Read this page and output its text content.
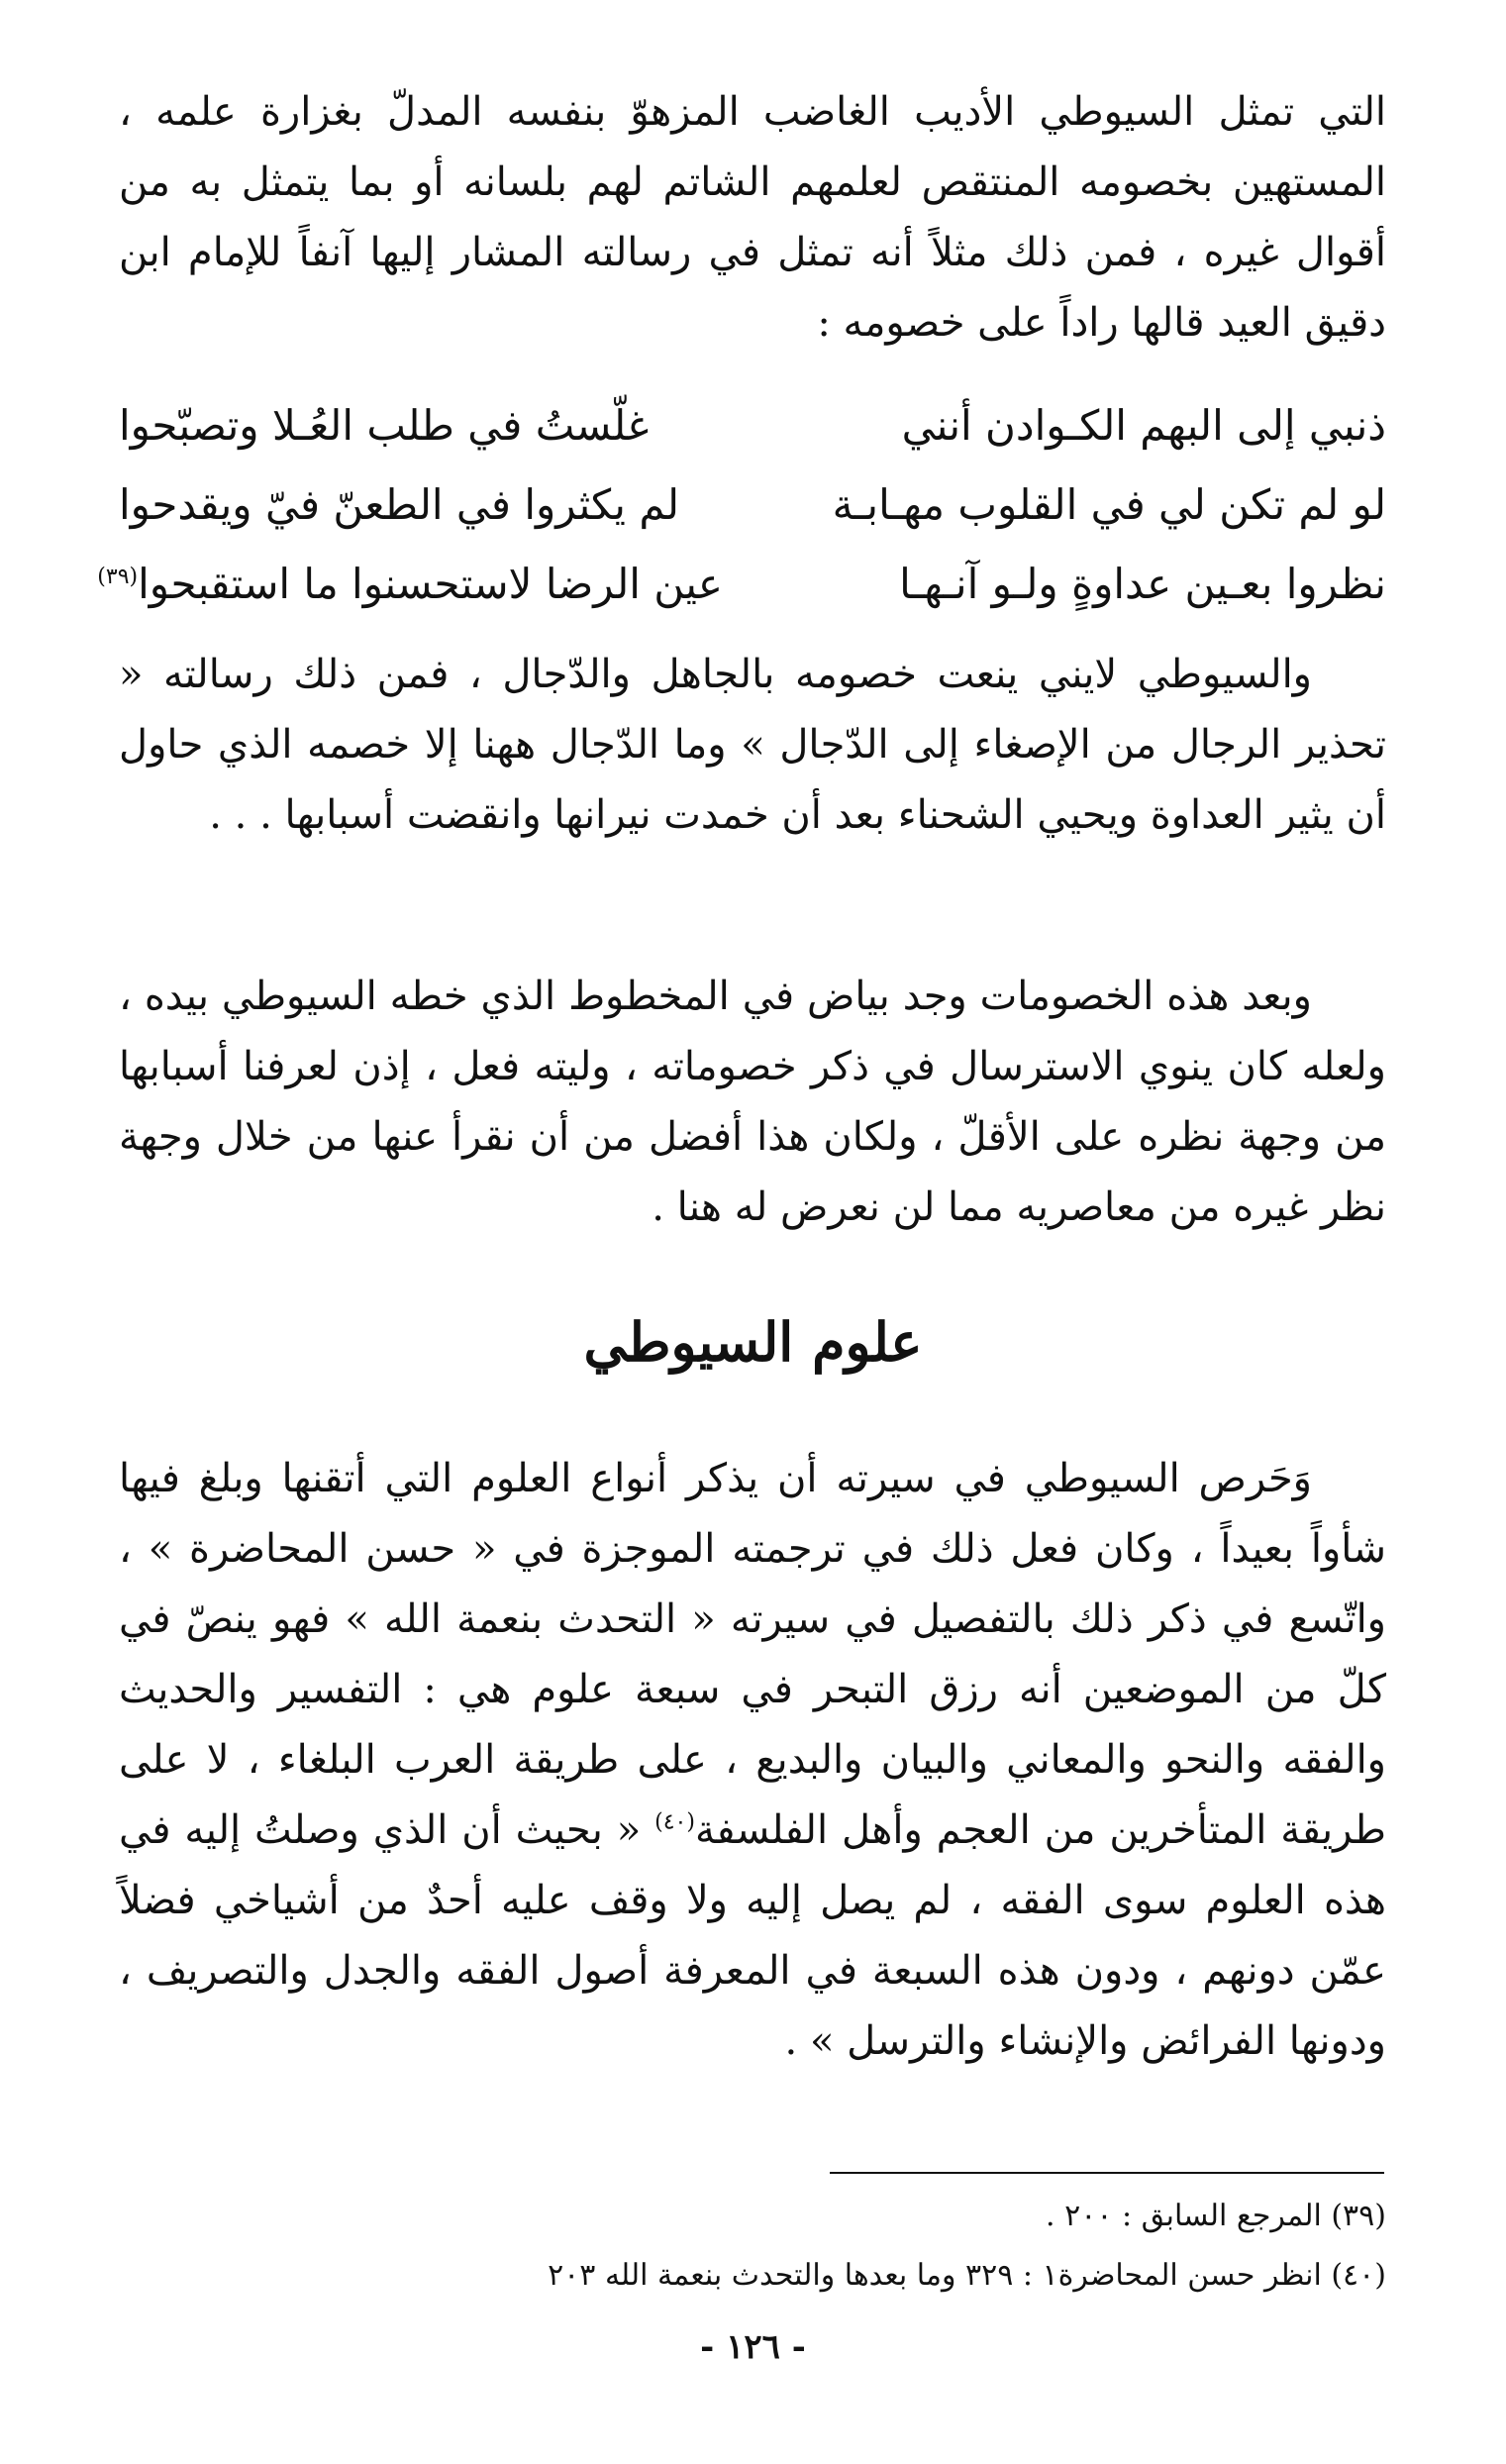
التي تمثل السيوطي الأديب الغاضب المزهوّ بنفسه المدلّ بغزارة علمه ، المستهين بخصومه المنتقص لعلمهم الشاتم لهم بلسانه أو بما يتمثل به من أقوال غيره ، فمن ذلك مثلاً أنه تمثل في رسالته المشار إليها آنفاً للإمام ابن دقيق العيد قالها راداً على خصومه :

ذنبي إلى البهم الكـوادن أنني
غلّستُ في طلب العُـلا وتصبّحوا
لو لم تكن لي في القلوب مهـابـة
لم يكثروا في الطعنّ فيّ ويقدحوا
نظروا بعـين عداوةٍ ولـو آنـهـا
عين الرضا لاستحسنوا ما استقبحوا$^{(٣٩)}$

والسيوطي لايني ينعت خصومه بالجاهل والدّجال ، فمن ذلك رسالته « تحذير الرجال من الإصغاء إلى الدّجال » وما الدّجال ههنا إلا خصمه الذي حاول أن يثير العداوة ويحيي الشحناء بعد أن خمدت نيرانها وانقضت أسبابها . . .

وبعد هذه الخصومات وجد بياض في المخطوط الذي خطه السيوطي بيده ، ولعله كان ينوي الاسترسال في ذكر خصوماته ، وليته فعل ، إذن لعرفنا أسبابها من وجهة نظره على الأقلّ ، ولكان هذا أفضل من أن نقرأ عنها من خلال وجهة نظر غيره من معاصريه مما لن نعرض له هنا .

علوم السيوطي

وَحَرص السيوطي في سيرته أن يذكر أنواع العلوم التي أتقنها وبلغ فيها شأواً بعيداً ، وكان فعل ذلك في ترجمته الموجزة في « حسن المحاضرة » ، واتّسع في ذكر ذلك بالتفصيل في سيرته « التحدث بنعمة الله » فهو ينصّ في كلّ من الموضعين أنه رزق التبحر في سبعة علوم هي : التفسير والحديث والفقه والنحو والمعاني والبيان والبديع ، على طريقة العرب البلغاء ، لا على طريقة المتأخرين من العجم وأهل الفلسفة$^{(٤٠)}$ « بحيث أن الذي وصلتُ إليه في هذه العلوم سوى الفقه ، لم يصل إليه ولا وقف عليه أحدٌ من أشياخي فضلاً عمّن دونهم ، ودون هذه السبعة في المعرفة أصول الفقه والجدل والتصريف ، ودونها الفرائض والإنشاء والترسل » .

(٣٩) المرجع السابق : ٢٠٠ .
(٤٠) انظر حسن المحاضرة١ : ٣٢٩ وما بعدها والتحدث بنعمة الله ٢٠٣
- ١٢٦ -
